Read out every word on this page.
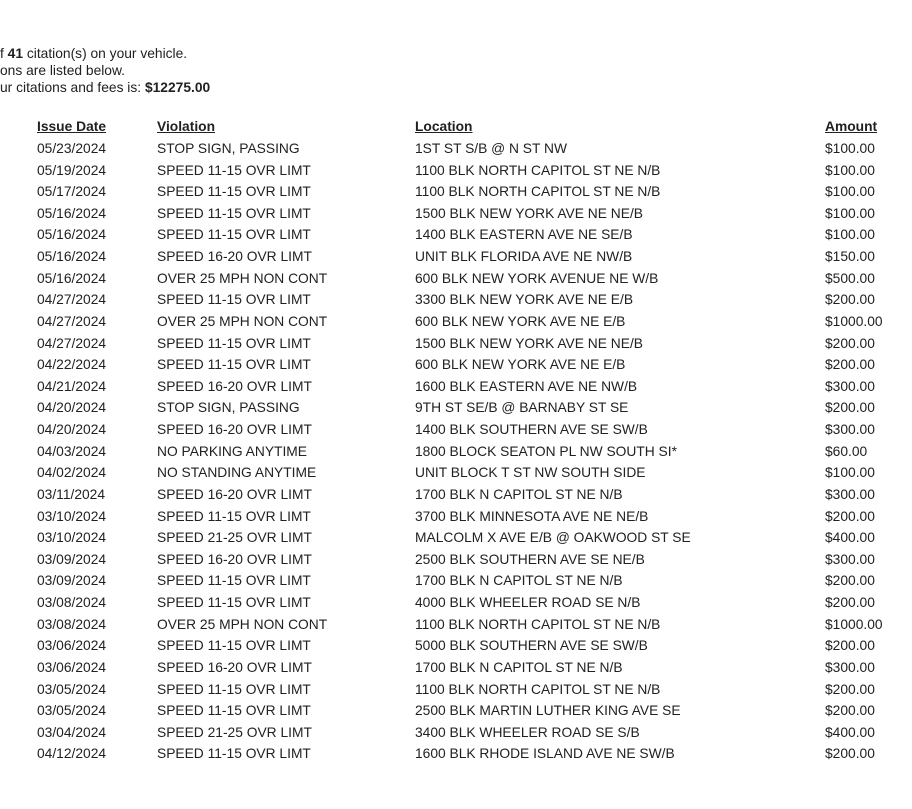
f 41 citation(s) on your vehicle.
ons are listed below.
ur citations and fees is: $12275.00
Issue Date	Violation	Location	Amount
05/23/2024	STOP SIGN, PASSING	1ST ST S/B @ N ST NW	$100.00
05/19/2024	SPEED 11-15 OVR LIMT	1100 BLK NORTH CAPITOL ST NE N/B	$100.00
05/17/2024	SPEED 11-15 OVR LIMT	1100 BLK NORTH CAPITOL ST NE N/B	$100.00
05/16/2024	SPEED 11-15 OVR LIMT	1500 BLK NEW YORK AVE NE NE/B	$100.00
05/16/2024	SPEED 11-15 OVR LIMT	1400 BLK EASTERN AVE NE SE/B	$100.00
05/16/2024	SPEED 16-20 OVR LIMT	UNIT BLK FLORIDA AVE NE NW/B	$150.00
05/16/2024	OVER 25 MPH NON CONT	600 BLK NEW YORK AVENUE NE W/B	$500.00
04/27/2024	SPEED 11-15 OVR LIMT	3300 BLK NEW YORK AVE NE E/B	$200.00
04/27/2024	OVER 25 MPH NON CONT	600 BLK NEW YORK AVE NE E/B	$1000.00
04/27/2024	SPEED 11-15 OVR LIMT	1500 BLK NEW YORK AVE NE NE/B	$200.00
04/22/2024	SPEED 11-15 OVR LIMT	600 BLK NEW YORK AVE NE E/B	$200.00
04/21/2024	SPEED 16-20 OVR LIMT	1600 BLK EASTERN AVE NE NW/B	$300.00
04/20/2024	STOP SIGN, PASSING	9TH ST SE/B @ BARNABY ST SE	$200.00
04/20/2024	SPEED 16-20 OVR LIMT	1400 BLK SOUTHERN AVE SE SW/B	$300.00
04/03/2024	NO PARKING ANYTIME	1800 BLOCK SEATON PL NW SOUTH SI*	$60.00
04/02/2024	NO STANDING ANYTIME	UNIT BLOCK T ST NW SOUTH SIDE	$100.00
03/11/2024	SPEED 16-20 OVR LIMT	1700 BLK N CAPITOL ST NE N/B	$300.00
03/10/2024	SPEED 11-15 OVR LIMT	3700 BLK MINNESOTA AVE NE NE/B	$200.00
03/10/2024	SPEED 21-25 OVR LIMT	MALCOLM X AVE E/B @ OAKWOOD ST SE	$400.00
03/09/2024	SPEED 16-20 OVR LIMT	2500 BLK SOUTHERN AVE SE NE/B	$300.00
03/09/2024	SPEED 11-15 OVR LIMT	1700 BLK N CAPITOL ST NE N/B	$200.00
03/08/2024	SPEED 11-15 OVR LIMT	4000 BLK WHEELER ROAD SE N/B	$200.00
03/08/2024	OVER 25 MPH NON CONT	1100 BLK NORTH CAPITOL ST NE N/B	$1000.00
03/06/2024	SPEED 11-15 OVR LIMT	5000 BLK SOUTHERN AVE SE SW/B	$200.00
03/06/2024	SPEED 16-20 OVR LIMT	1700 BLK N CAPITOL ST NE N/B	$300.00
03/05/2024	SPEED 11-15 OVR LIMT	1100 BLK NORTH CAPITOL ST NE N/B	$200.00
03/05/2024	SPEED 11-15 OVR LIMT	2500 BLK MARTIN LUTHER KING AVE SE	$200.00
03/04/2024	SPEED 21-25 OVR LIMT	3400 BLK WHEELER ROAD SE S/B	$400.00
04/12/2024	SPEED 11-15 OVR LIMT	1600 BLK RHODE ISLAND AVE NE SW/B	$200.00
